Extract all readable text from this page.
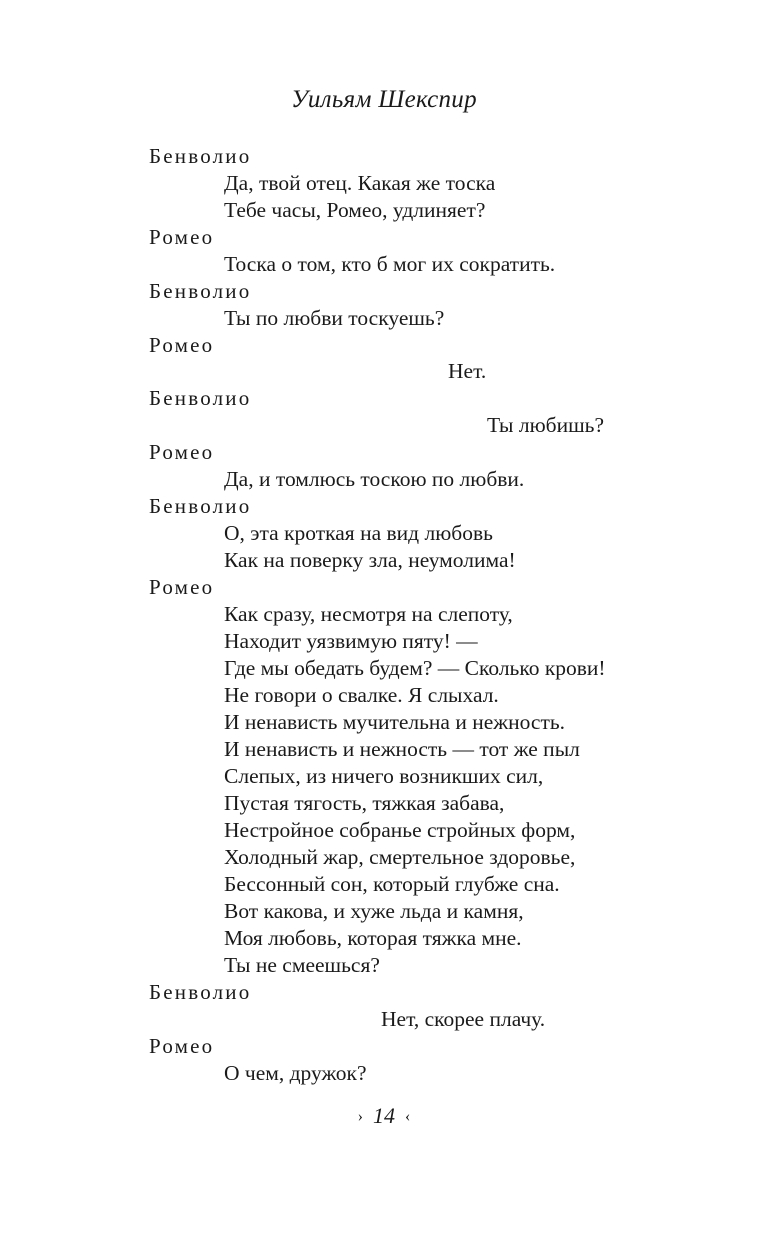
Уильям Шекспир
Бенволио
Да, твой отец. Какая же тоска
Тебе часы, Ромео, удлиняет?
Ромео
Тоска о том, кто б мог их сократить.
Бенволио
Ты по любви тоскуешь?
Ромео
Нет.
Бенволио
Ты любишь?
Ромео
Да, и томлюсь тоскою по любви.
Бенволио
О, эта кроткая на вид любовь
Как на поверку зла, неумолима!
Ромео
Как сразу, несмотря на слепоту,
Находит уязвимую пяту! —
Где мы обедать будем? — Сколько крови!
Не говори о свалке. Я слыхал.
И ненависть мучительна и нежность.
И ненависть и нежность — тот же пыл
Слепых, из ничего возникших сил,
Пустая тягость, тяжкая забава,
Нестройное собранье стройных форм,
Холодный жар, смертельное здоровье,
Бессонный сон, который глубже сна.
Вот какова, и хуже льда и камня,
Моя любовь, которая тяжка мне.
Ты не смеешься?
Бенволио
Нет, скорее плачу.
Ромео
О чем, дружок?
› 14 ‹
